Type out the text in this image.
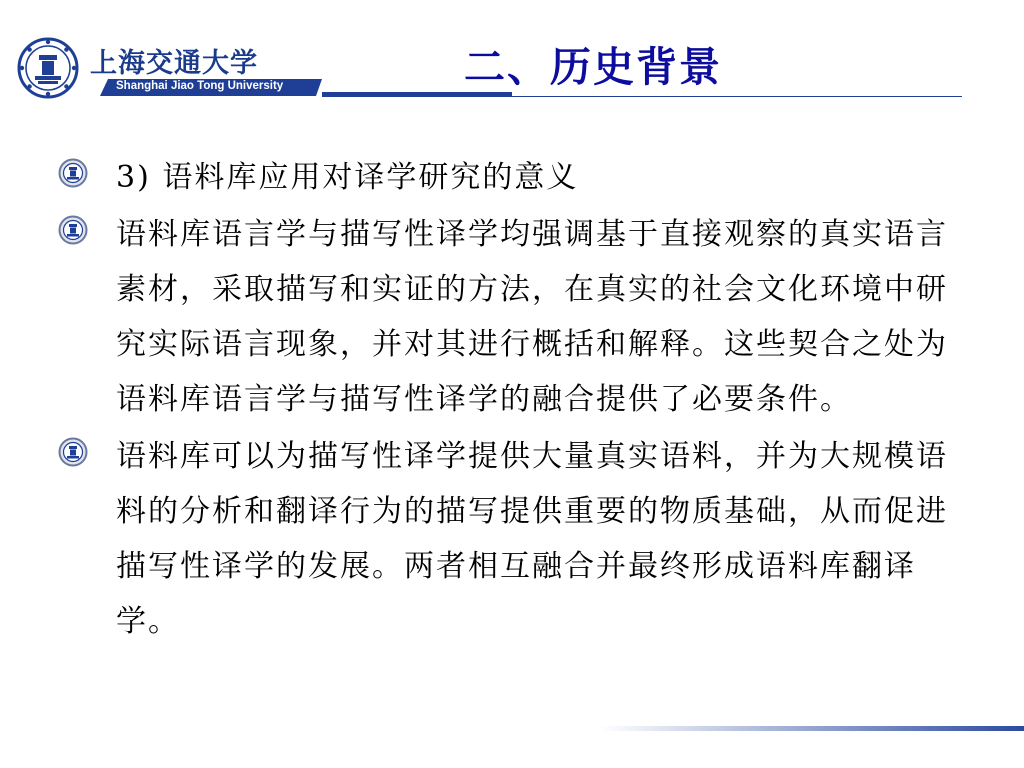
上海交通大学
Shanghai Jiao Tong University	二、历史背景

3) 语料库应用对译学研究的意义

语料库语言学与描写性译学均强调基于直接观察的真实语言素材，采取描写和实证的方法，在真实的社会文化环境中研究实际语言现象，并对其进行概括和解释。这些契合之处为语料库语言学与描写性译学的融合提供了必要条件。

语料库可以为描写性译学提供大量真实语料，并为大规模语料的分析和翻译行为的描写提供重要的物质基础，从而促进描写性译学的发展。两者相互融合并最终形成语料库翻译学。
